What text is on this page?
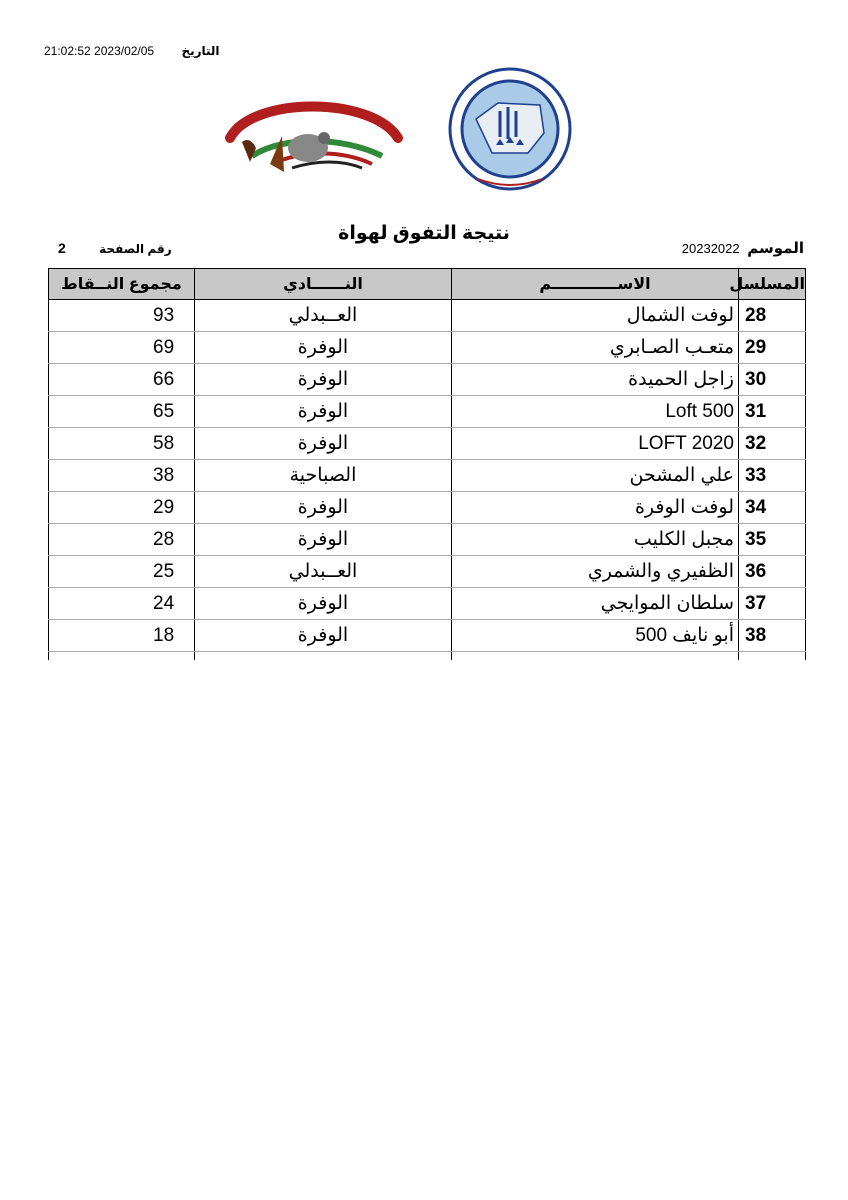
21:02:52 2023/02/05 التاريخ
نتيجة التفوق لهواة
الموسم 20232022
2	رقم الصفحة
المسلسل	الاســــــــــــم	النــــــادي	مجموع النــقاط
28	لوفت الشمال	العــبدلي	93
29	متعـب الصـابري	الوفرة	69
30	زاجل الحميدة	الوفرة	66
31	Loft 500	الوفرة	65
32	LOFT 2020	الوفرة	58
33	علي المشحن	الصباحية	38
34	لوفت الوفرة	الوفرة	29
35	مجبل الكليب	الوفرة	28
36	الظفيري والشمري	العــبدلي	25
37	سلطان الموايجي	الوفرة	24
38	أبو نايف 500	الوفرة	18
